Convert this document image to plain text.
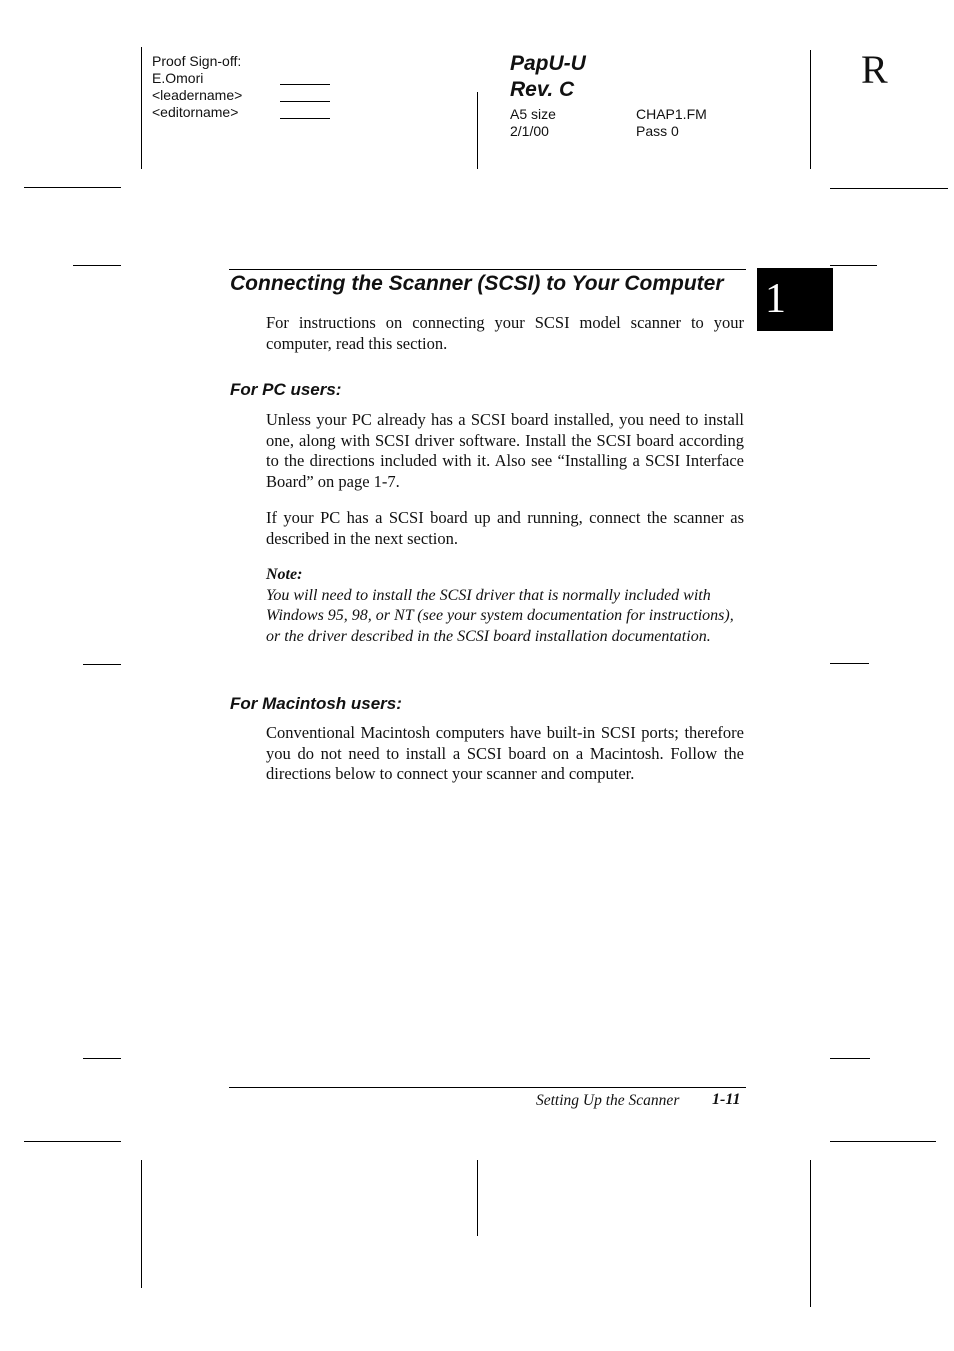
Proof Sign-off:
E.Omori
<leadername>
<editorname>
PapU-U
Rev. C
A5 size
2/1/00
CHAP1.FM
Pass 0
R
1
Connecting the Scanner (SCSI) to Your Computer
For instructions on connecting your SCSI model scanner to your computer, read this section.
For PC users:
Unless your PC already has a SCSI board installed, you need to install one, along with SCSI driver software. Install the SCSI board according to the directions included with it. Also see “Installing a SCSI Interface Board” on page 1-7.
If your PC has a SCSI board up and running, connect the scanner as described in the next section.
Note:
You will need to install the SCSI driver that is normally included with Windows 95, 98, or NT (see your system documentation for instructions), or the driver described in the SCSI board installation documentation.
For Macintosh users:
Conventional Macintosh computers have built-in SCSI ports; therefore you do not need to install a SCSI board on a Macintosh. Follow the directions below to connect your scanner and computer.
Setting Up the Scanner 1-11
